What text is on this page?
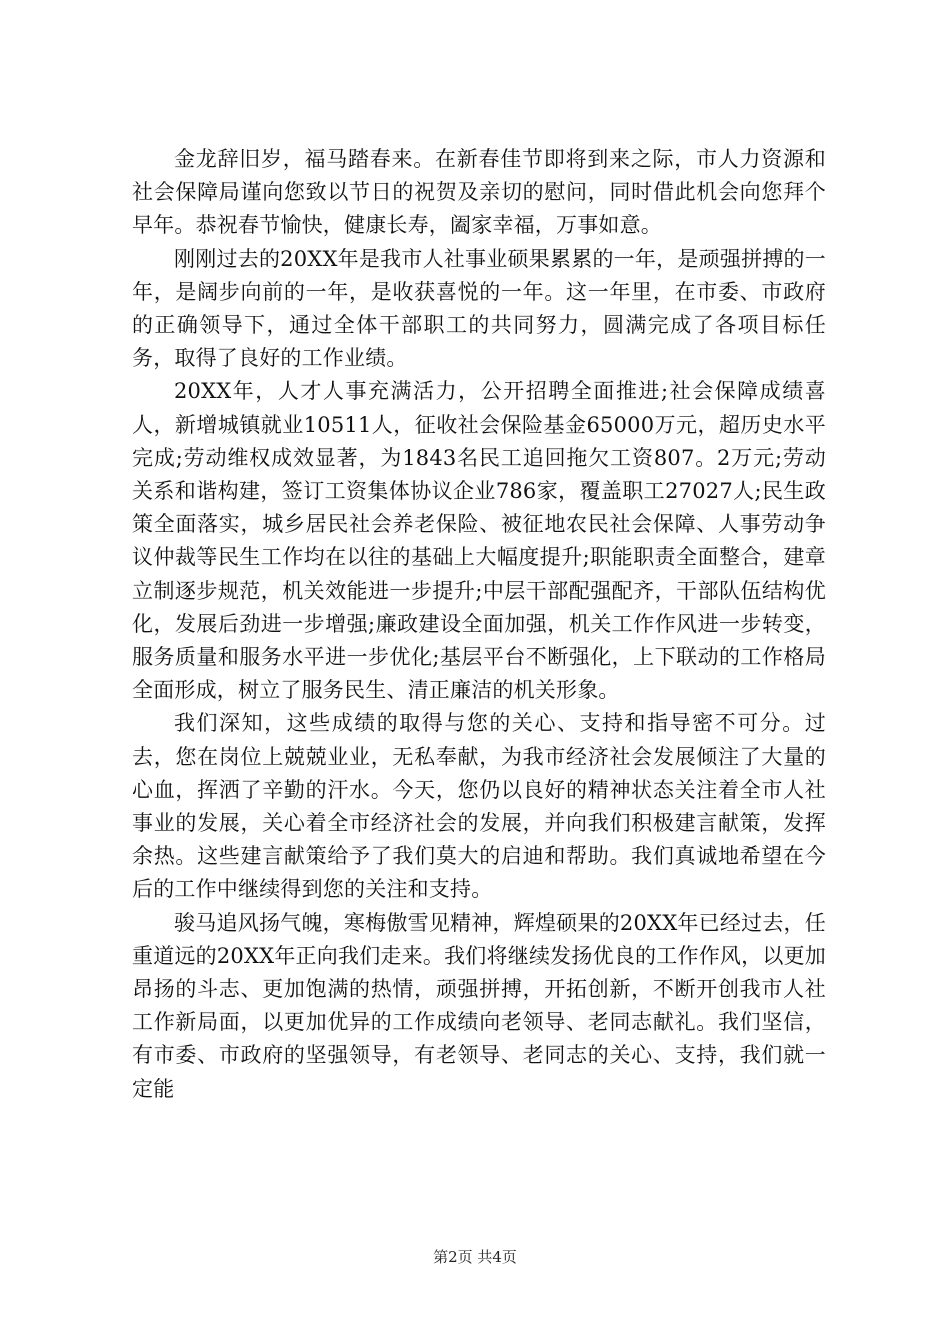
金龙辞旧岁，福马踏春来。在新春佳节即将到来之际，市人力资源和社会保障局谨向您致以节日的祝贺及亲切的慰问，同时借此机会向您拜个早年。恭祝春节愉快，健康长寿，阖家幸福，万事如意。

刚刚过去的20XX年是我市人社事业硕果累累的一年，是顽强拼搏的一年，是阔步向前的一年，是收获喜悦的一年。这一年里，在市委、市政府的正确领导下，通过全体干部职工的共同努力，圆满完成了各项目标任务，取得了良好的工作业绩。

20XX年，人才人事充满活力，公开招聘全面推进;社会保障成绩喜人，新增城镇就业10511人，征收社会保险基金65000万元，超历史水平完成;劳动维权成效显著，为1843名民工追回拖欠工资807。2万元;劳动关系和谐构建，签订工资集体协议企业786家，覆盖职工27027人;民生政策全面落实，城乡居民社会养老保险、被征地农民社会保障、人事劳动争议仲裁等民生工作均在以往的基础上大幅度提升;职能职责全面整合，建章立制逐步规范，机关效能进一步提升;中层干部配强配齐，干部队伍结构优化，发展后劲进一步增强;廉政建设全面加强，机关工作作风进一步转变，服务质量和服务水平进一步优化;基层平台不断强化，上下联动的工作格局全面形成，树立了服务民生、清正廉洁的机关形象。

我们深知，这些成绩的取得与您的关心、支持和指导密不可分。过去，您在岗位上兢兢业业，无私奉献，为我市经济社会发展倾注了大量的心血，挥洒了辛勤的汗水。今天，您仍以良好的精神状态关注着全市人社事业的发展，关心着全市经济社会的发展，并向我们积极建言献策，发挥余热。这些建言献策给予了我们莫大的启迪和帮助。我们真诚地希望在今后的工作中继续得到您的关注和支持。

骏马追风扬气魄，寒梅傲雪见精神，辉煌硕果的20XX年已经过去，任重道远的20XX年正向我们走来。我们将继续发扬优良的工作作风，以更加昂扬的斗志、更加饱满的热情，顽强拼搏，开拓创新，不断开创我市人社工作新局面，以更加优异的工作成绩向老领导、老同志献礼。我们坚信，有市委、市政府的坚强领导，有老领导、老同志的关心、支持，我们就一定能

第2页 共4页
